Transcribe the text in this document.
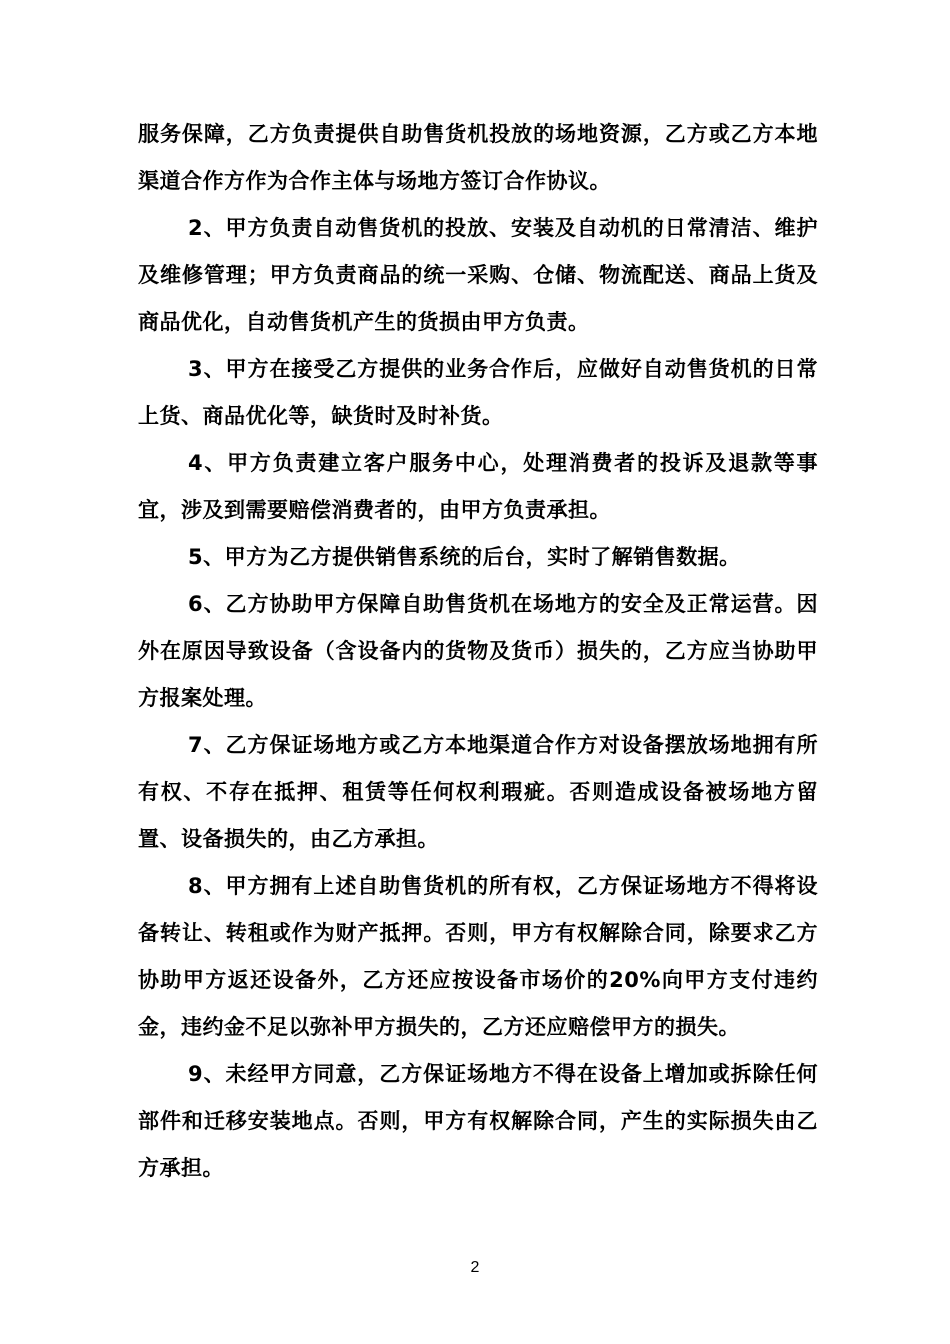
服务保障，乙方负责提供自助售货机投放的场地资源，乙方或乙方本地渠道合作方作为合作主体与场地方签订合作协议。

2、甲方负责自动售货机的投放、安装及自动机的日常清洁、维护及维修管理；甲方负责商品的统一采购、仓储、物流配送、商品上货及商品优化，自动售货机产生的货损由甲方负责。

3、甲方在接受乙方提供的业务合作后，应做好自动售货机的日常上货、商品优化等，缺货时及时补货。

4、甲方负责建立客户服务中心，处理消费者的投诉及退款等事宜，涉及到需要赔偿消费者的，由甲方负责承担。

5、甲方为乙方提供销售系统的后台，实时了解销售数据。

6、乙方协助甲方保障自助售货机在场地方的安全及正常运营。因外在原因导致设备（含设备内的货物及货币）损失的，乙方应当协助甲方报案处理。

7、乙方保证场地方或乙方本地渠道合作方对设备摆放场地拥有所有权、不存在抵押、租赁等任何权利瑕疵。否则造成设备被场地方留置、设备损失的，由乙方承担。

8、甲方拥有上述自助售货机的所有权，乙方保证场地方不得将设备转让、转租或作为财产抵押。否则，甲方有权解除合同，除要求乙方协助甲方返还设备外，乙方还应按设备市场价的20%向甲方支付违约金，违约金不足以弥补甲方损失的，乙方还应赔偿甲方的损失。

9、未经甲方同意，乙方保证场地方不得在设备上增加或拆除任何部件和迁移安装地点。否则，甲方有权解除合同，产生的实际损失由乙方承担。

2
